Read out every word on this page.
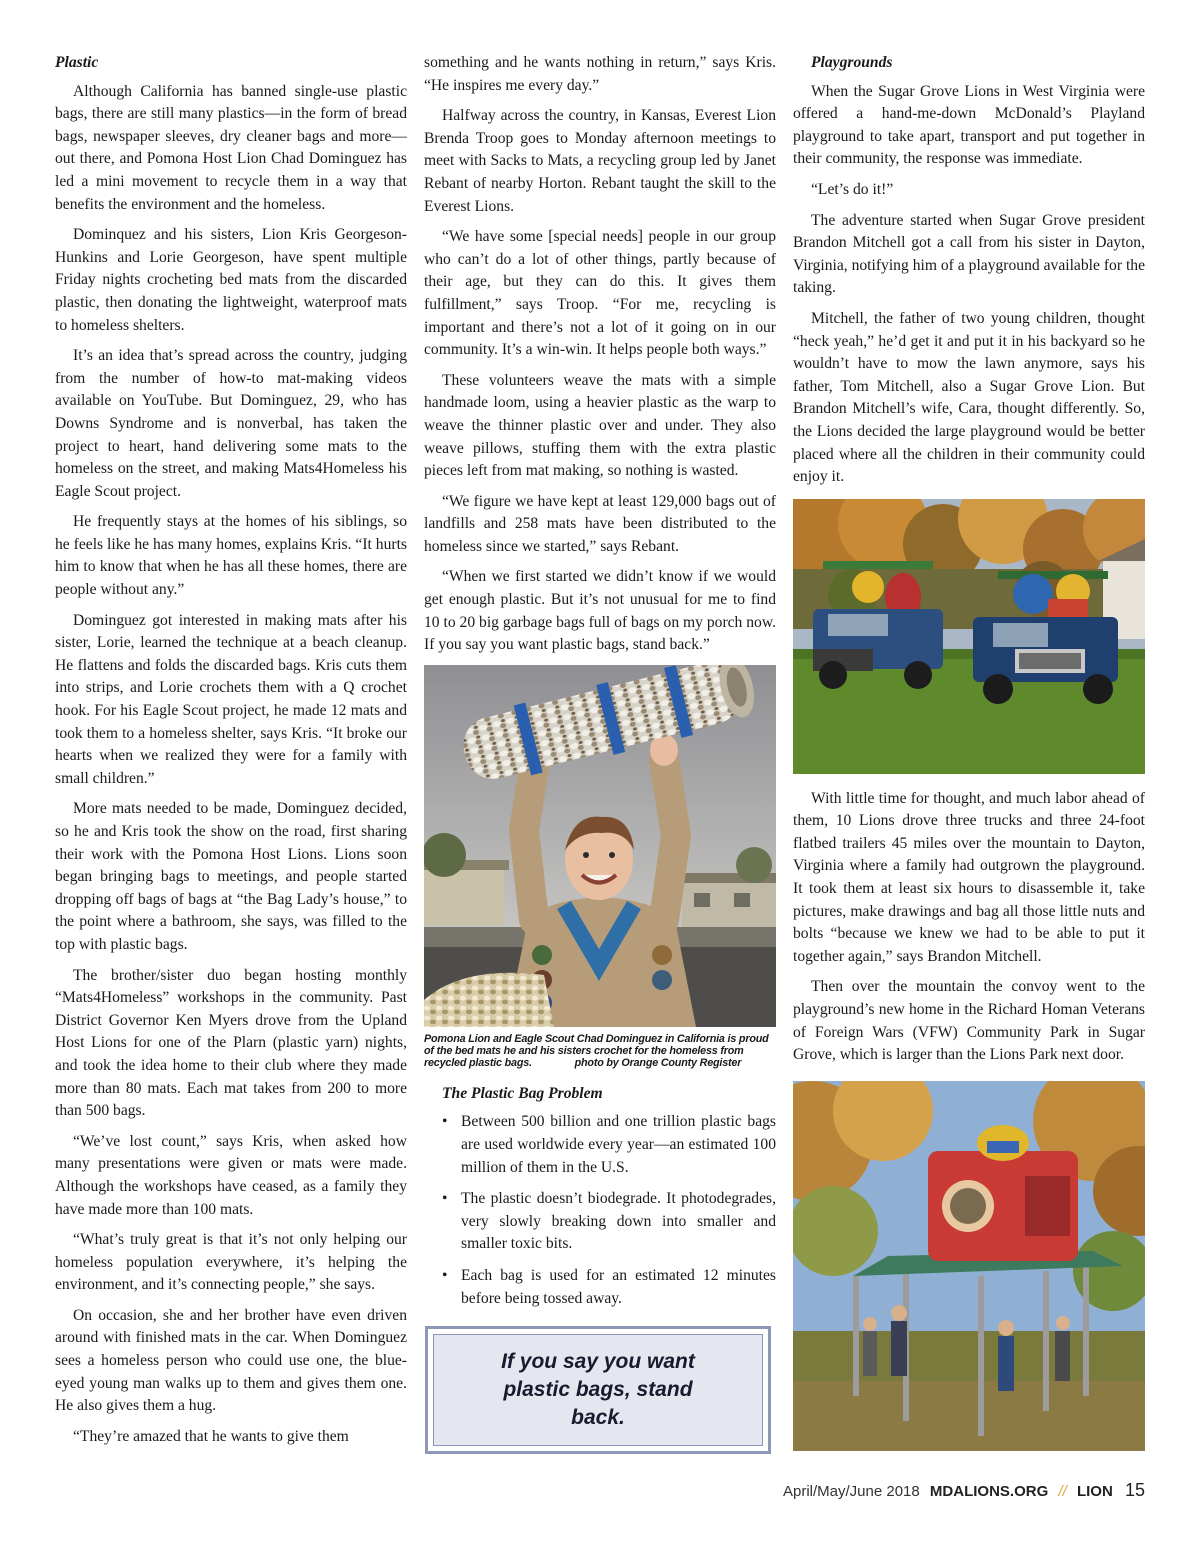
Plastic

Although California has banned single-use plastic bags, there are still many plastics—in the form of bread bags, newspaper sleeves, dry cleaner bags and more—out there, and Pomona Host Lion Chad Dominguez has led a mini movement to recycle them in a way that benefits the environment and the homeless.

Dominquez and his sisters, Lion Kris Georgeson-Hunkins and Lorie Georgeson, have spent multiple Friday nights crocheting bed mats from the discarded plastic, then donating the lightweight, waterproof mats to homeless shelters.

It’s an idea that’s spread across the country, judging from the number of how-to mat-making videos available on YouTube. But Dominguez, 29, who has Downs Syndrome and is nonverbal, has taken the project to heart, hand delivering some mats to the homeless on the street, and making Mats4Homeless his Eagle Scout project.

He frequently stays at the homes of his siblings, so he feels like he has many homes, explains Kris. “It hurts him to know that when he has all these homes, there are people without any.”

Dominguez got interested in making mats after his sister, Lorie, learned the technique at a beach cleanup. He flattens and folds the discarded bags. Kris cuts them into strips, and Lorie crochets them with a Q crochet hook. For his Eagle Scout project, he made 12 mats and took them to a homeless shelter, says Kris. “It broke our hearts when we realized they were for a family with small children.”

More mats needed to be made, Dominguez decided, so he and Kris took the show on the road, first sharing their work with the Pomona Host Lions. Lions soon began bringing bags to meetings, and people started dropping off bags of bags at “the Bag Lady’s house,” to the point where a bathroom, she says, was filled to the top with plastic bags.

The brother/sister duo began hosting monthly “Mats4Homeless” workshops in the community. Past District Governor Ken Myers drove from the Upland Host Lions for one of the Plarn (plastic yarn) nights, and took the idea home to their club where they made more than 80 mats. Each mat takes from 200 to more than 500 bags.

“We’ve lost count,” says Kris, when asked how many presentations were given or mats were made. Although the workshops have ceased, as a family they have made more than 100 mats.

“What’s truly great is that it’s not only helping our homeless population everywhere, it’s helping the environment, and it’s connecting people,” she says.

On occasion, she and her brother have even driven around with finished mats in the car. When Dominguez sees a homeless person who could use one, the blue-eyed young man walks up to them and gives them one. He also gives them a hug.

“They’re amazed that he wants to give them

something and he wants nothing in return,” says Kris. “He inspires me every day.”

Halfway across the country, in Kansas, Everest Lion Brenda Troop goes to Monday afternoon meetings to meet with Sacks to Mats, a recycling group led by Janet Rebant of nearby Horton. Rebant taught the skill to the Everest Lions.

“We have some [special needs] people in our group who can’t do a lot of other things, partly because of their age, but they can do this. It gives them fulfillment,” says Troop. “For me, recycling is important and there’s not a lot of it going on in our community. It’s a win-win. It helps people both ways.”

These volunteers weave the mats with a simple handmade loom, using a heavier plastic as the warp to weave the thinner plastic over and under. They also weave pillows, stuffing them with the extra plastic pieces left from mat making, so nothing is wasted.

“We figure we have kept at least 129,000 bags out of landfills and 258 mats have been distributed to the homeless since we started,” says Rebant.

“When we first started we didn’t know if we would get enough plastic. But it’s not unusual for me to find 10 to 20 big garbage bags full of bags on my porch now. If you say you want plastic bags, stand back.”

Pomona Lion and Eagle Scout Chad Dominguez in California is proud of the bed mats he and his sisters crochet for the homeless from recycled plastic bags.	photo by Orange County Register
The Plastic Bag Problem
• Between 500 billion and one trillion plastic bags are used worldwide every year—an estimated 100 million of them in the U.S.
• The plastic doesn’t biodegrade. It photodegrades, very slowly breaking down into smaller and smaller toxic bits.
• Each bag is used for an estimated 12 minutes before being tossed away.
If you say you want plastic bags, stand back.
Playgrounds

When the Sugar Grove Lions in West Virginia were offered a hand-me-down McDonald’s Playland playground to take apart, transport and put together in their community, the response was immediate.

“Let’s do it!”

The adventure started when Sugar Grove president Brandon Mitchell got a call from his sister in Dayton, Virginia, notifying him of a playground available for the taking.

Mitchell, the father of two young children, thought “heck yeah,” he’d get it and put it in his backyard so he wouldn’t have to mow the lawn anymore, says his father, Tom Mitchell, also a Sugar Grove Lion. But Brandon Mitchell’s wife, Cara, thought differently. So, the Lions decided the large playground would be better placed where all the children in their community could enjoy it.

With little time for thought, and much labor ahead of them, 10 Lions drove three trucks and three 24-foot flatbed trailers 45 miles over the mountain to Dayton, Virginia where a family had outgrown the playground. It took them at least six hours to disassemble it, take pictures, make drawings and bag all those little nuts and bolts “because we knew we had to be able to put it together again,” says Brandon Mitchell.

Then over the mountain the convoy went to the playground’s new home in the Richard Homan Veterans of Foreign Wars (VFW) Community Park in Sugar Grove, which is larger than the Lions Park next door.

April/May/June 2018 MDALIONS.ORG // LION 15
